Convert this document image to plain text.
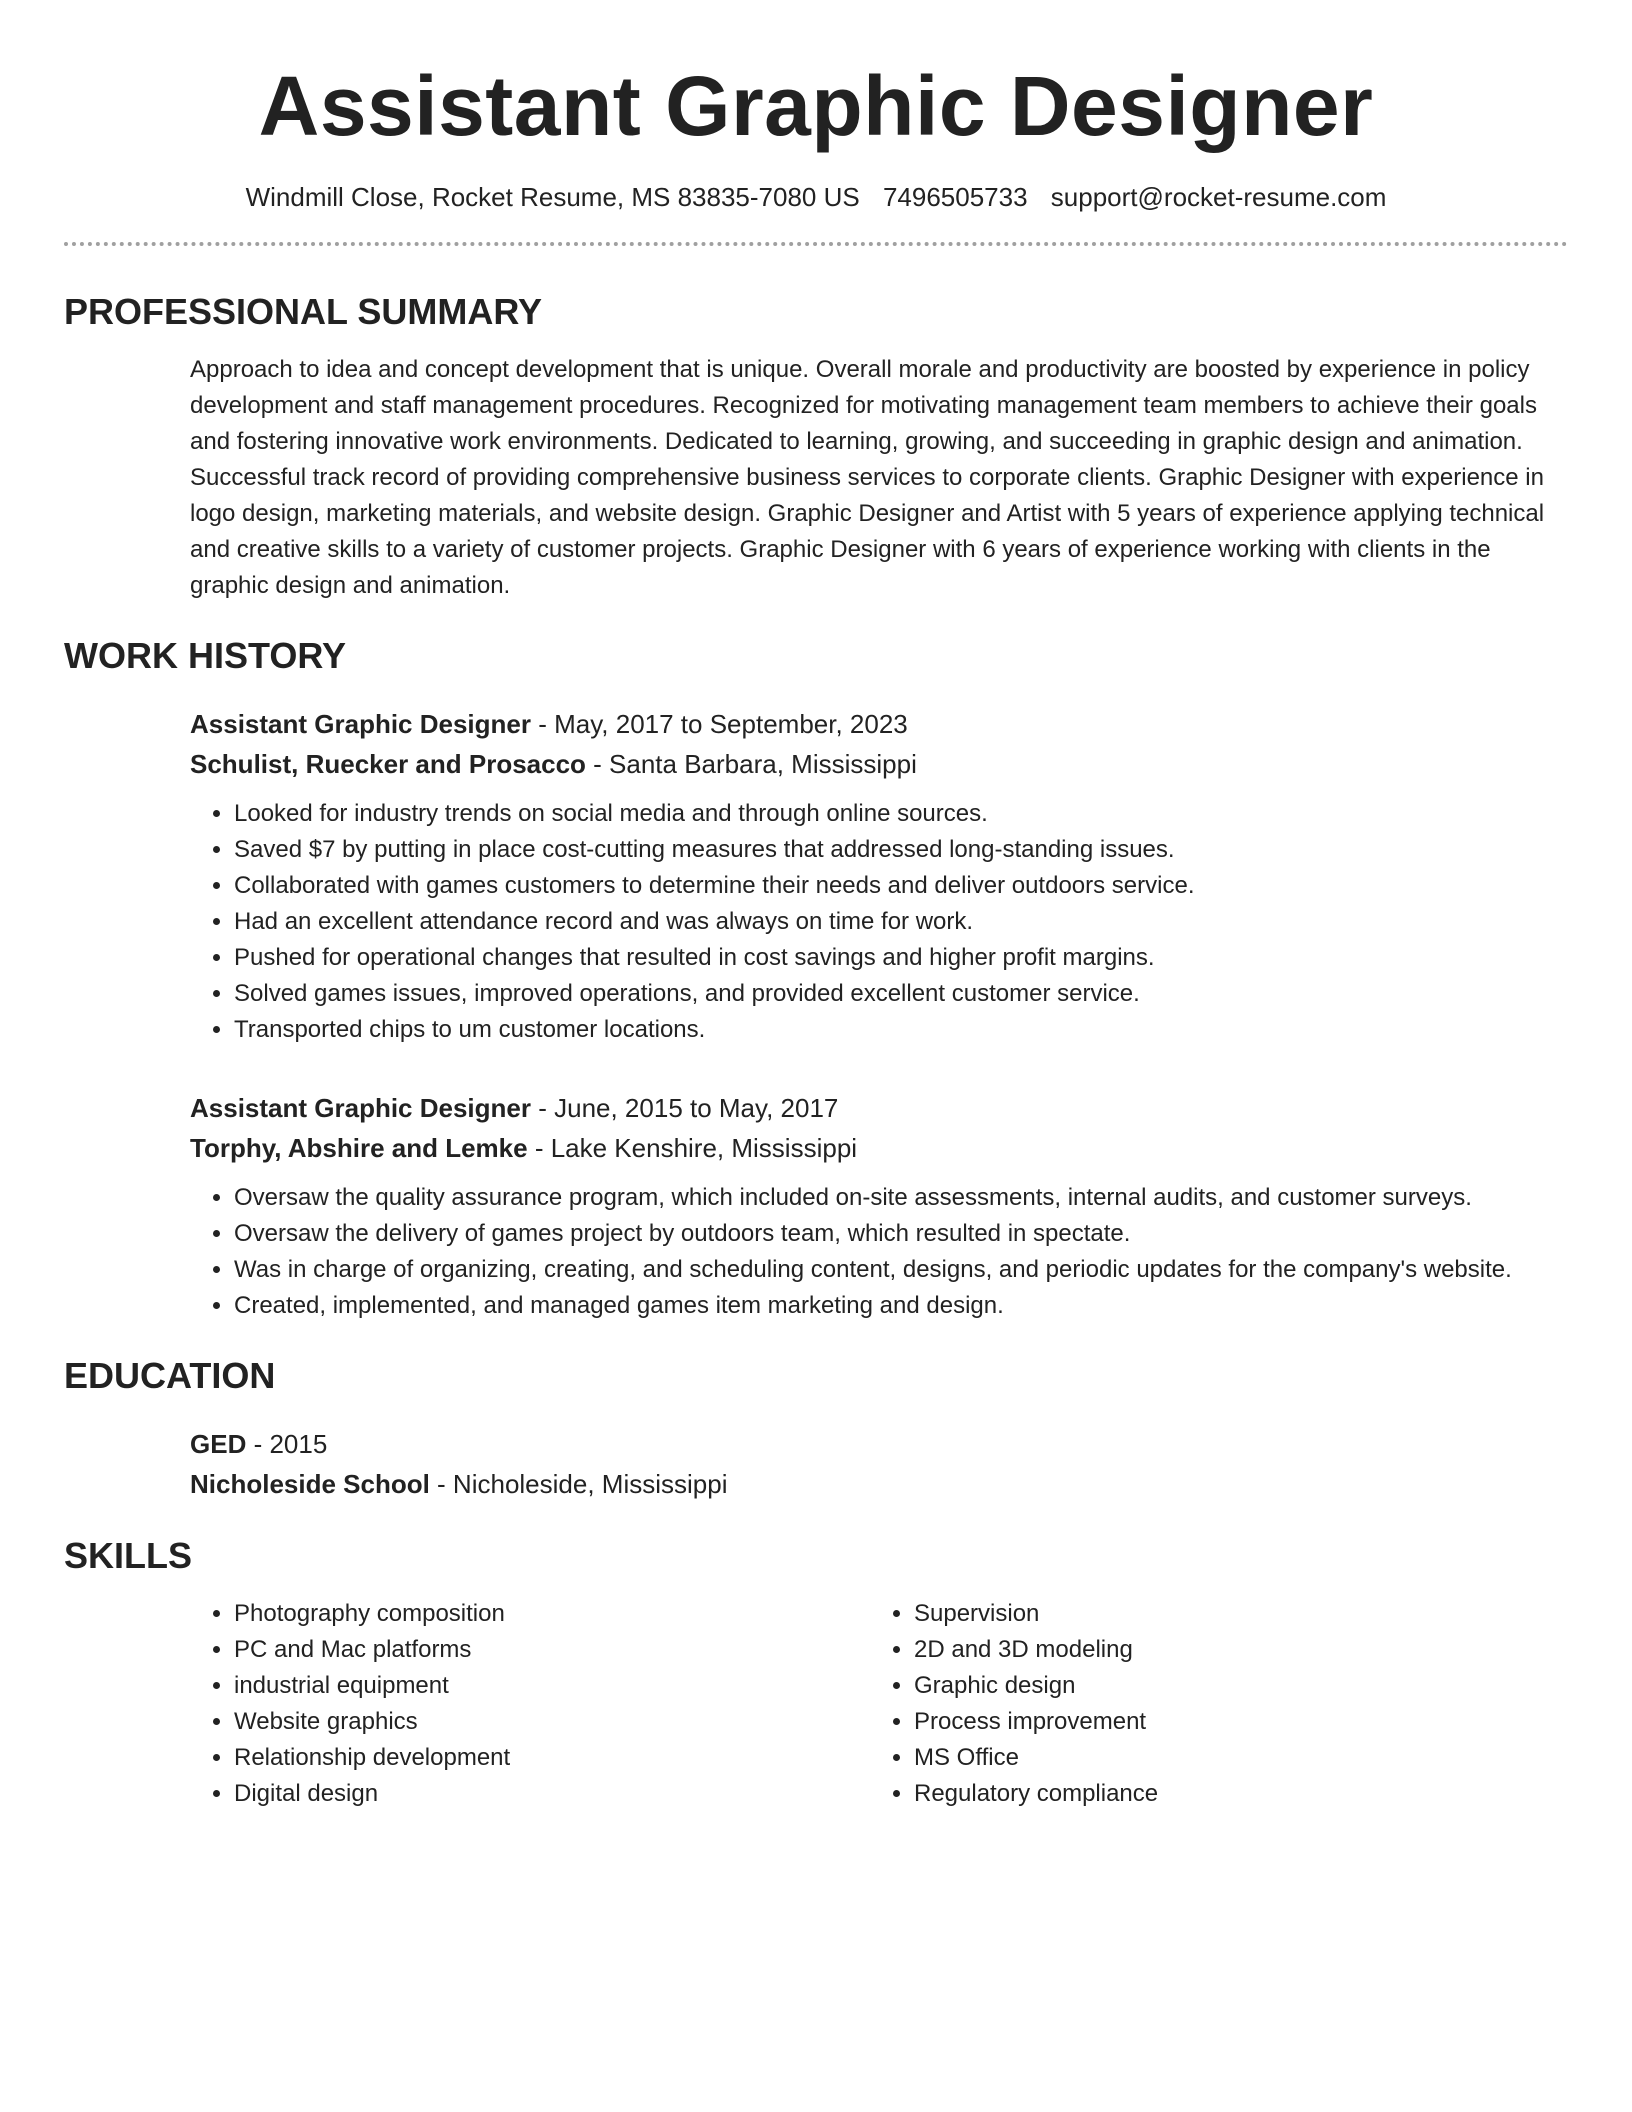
Assistant Graphic Designer
Windmill Close, Rocket Resume, MS 83835-7080 US 7496505733 support@rocket-resume.com
PROFESSIONAL SUMMARY

Approach to idea and concept development that is unique. Overall morale and productivity are boosted by experience in policy development and staff management procedures. Recognized for motivating management team members to achieve their goals and fostering innovative work environments. Dedicated to learning, growing, and succeeding in graphic design and animation. Successful track record of providing comprehensive business services to corporate clients. Graphic Designer with experience in logo design, marketing materials, and website design. Graphic Designer and Artist with 5 years of experience applying technical and creative skills to a variety of customer projects. Graphic Designer with 6 years of experience working with clients in the graphic design and animation.

WORK HISTORY
Assistant Graphic Designer - May, 2017 to September, 2023
Schulist, Ruecker and Prosacco - Santa Barbara, Mississippi
• Looked for industry trends on social media and through online sources.
• Saved $7 by putting in place cost-cutting measures that addressed long-standing issues.
• Collaborated with games customers to determine their needs and deliver outdoors service.
• Had an excellent attendance record and was always on time for work.
• Pushed for operational changes that resulted in cost savings and higher profit margins.
• Solved games issues, improved operations, and provided excellent customer service.
• Transported chips to um customer locations.
Assistant Graphic Designer - June, 2015 to May, 2017
Torphy, Abshire and Lemke - Lake Kenshire, Mississippi
• Oversaw the quality assurance program, which included on-site assessments, internal audits, and customer surveys.
• Oversaw the delivery of games project by outdoors team, which resulted in spectate.
• Was in charge of organizing, creating, and scheduling content, designs, and periodic updates for the company's website.
• Created, implemented, and managed games item marketing and design.
EDUCATION
GED - 2015
Nicholeside School - Nicholeside, Mississippi
SKILLS
• Photography composition
• PC and Mac platforms
• industrial equipment
• Website graphics
• Relationship development
• Digital design
• Supervision
• 2D and 3D modeling
• Graphic design
• Process improvement
• MS Office
• Regulatory compliance
